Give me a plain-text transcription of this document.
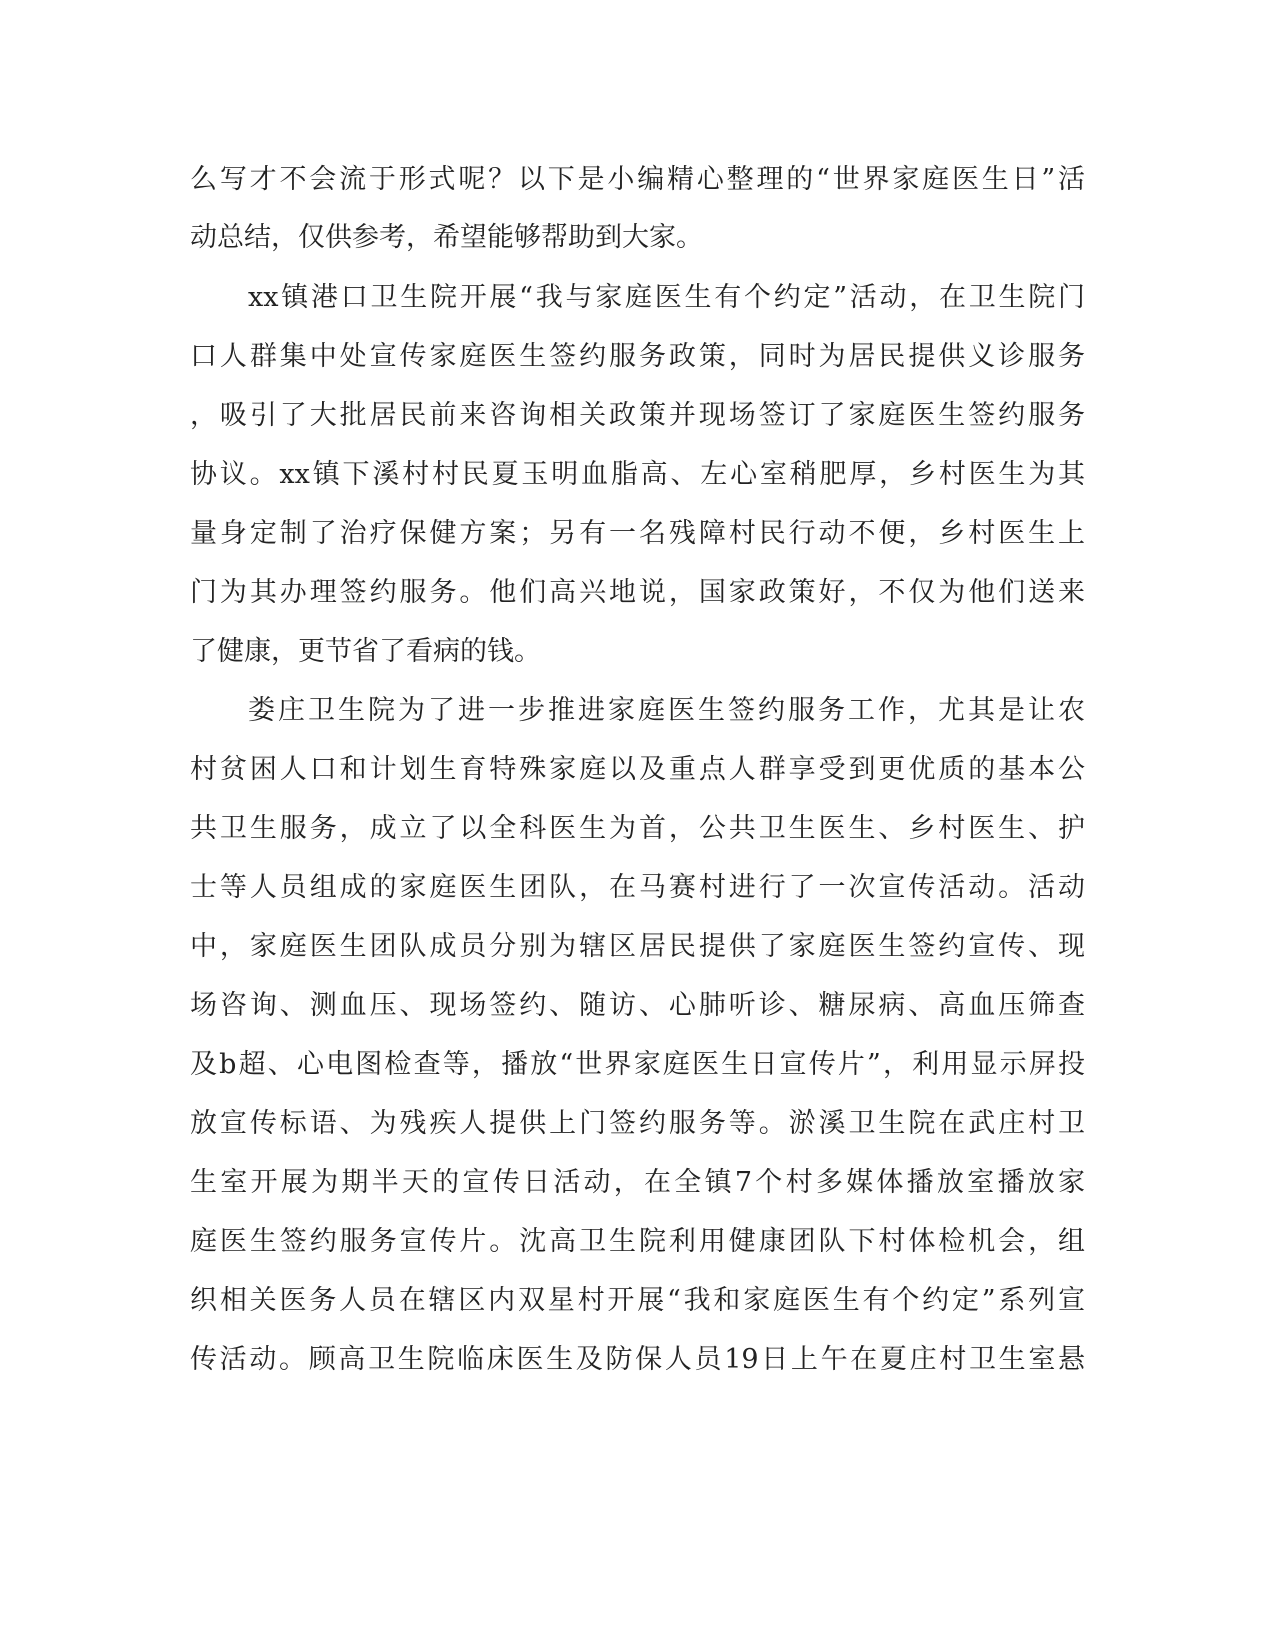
么写才不会流于形式呢？以下是小编精心整理的“世界家庭医生日”活
动总结，仅供参考，希望能够帮助到大家。
xx镇港口卫生院开展“我与家庭医生有个约定”活动，在卫生院门
口人群集中处宣传家庭医生签约服务政策，同时为居民提供义诊服务
，吸引了大批居民前来咨询相关政策并现场签订了家庭医生签约服务
协议。xx镇下溪村村民夏玉明血脂高、左心室稍肥厚，乡村医生为其
量身定制了治疗保健方案；另有一名残障村民行动不便，乡村医生上
门为其办理签约服务。他们高兴地说，国家政策好，不仅为他们送来
了健康，更节省了看病的钱。
娄庄卫生院为了进一步推进家庭医生签约服务工作，尤其是让农
村贫困人口和计划生育特殊家庭以及重点人群享受到更优质的基本公
共卫生服务，成立了以全科医生为首，公共卫生医生、乡村医生、护
士等人员组成的家庭医生团队，在马赛村进行了一次宣传活动。活动
中，家庭医生团队成员分别为辖区居民提供了家庭医生签约宣传、现
场咨询、测血压、现场签约、随访、心肺听诊、糖尿病、高血压筛查
及b超、心电图检查等，播放“世界家庭医生日宣传片”，利用显示屏投
放宣传标语、为残疾人提供上门签约服务等。淤溪卫生院在武庄村卫
生室开展为期半天的宣传日活动，在全镇7个村多媒体播放室播放家
庭医生签约服务宣传片。沈高卫生院利用健康团队下村体检机会，组
织相关医务人员在辖区内双星村开展“我和家庭医生有个约定”系列宣
传活动。顾高卫生院临床医生及防保人员19日上午在夏庄村卫生室悬
